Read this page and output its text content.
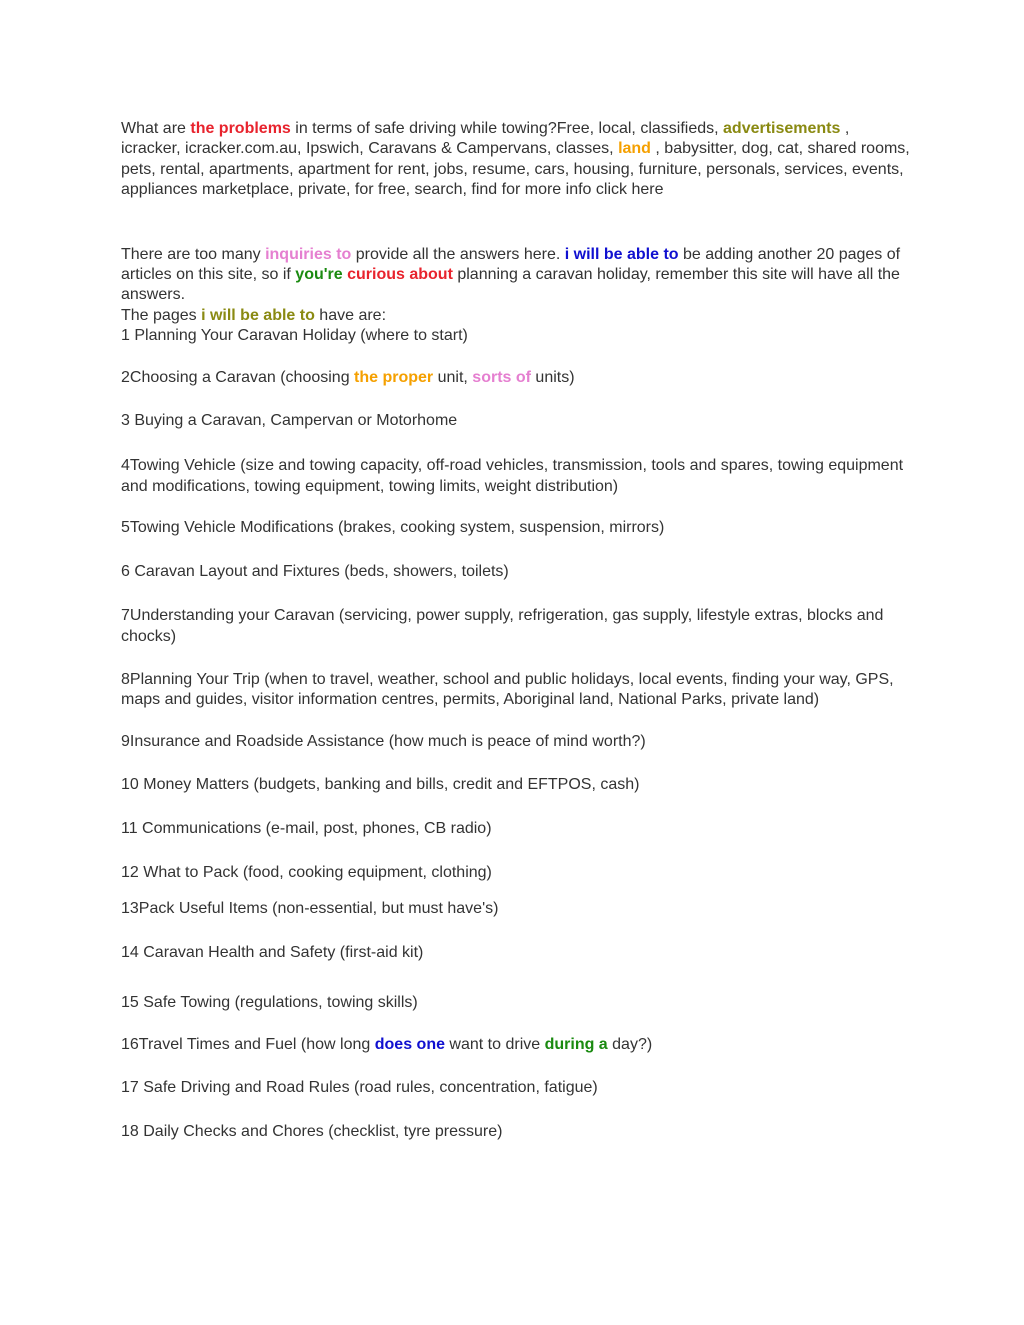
What are the problems in terms of safe driving while towing?Free, local, classifieds, advertisements , icracker, icracker.com.au, Ipswich, Caravans & Campervans, classes, land , babysitter, dog, cat, shared rooms, pets, rental, apartments, apartment for rent, jobs, resume, cars, housing, furniture, personals, services, events, appliances marketplace, private, for free, search, find for more info click here

There are too many inquiries to provide all the answers here. i will be able to be adding another 20 pages of articles on this site, so if you're curious about planning a caravan holiday, remember this site will have all the answers.
The pages i will be able to have are:

1 Planning Your Caravan Holiday (where to start)

2Choosing a Caravan (choosing the proper unit, sorts of units)

3 Buying a Caravan, Campervan or Motorhome

4Towing Vehicle (size and towing capacity, off-road vehicles, transmission, tools and spares, towing equipment and modifications, towing equipment, towing limits, weight distribution)

5Towing Vehicle Modifications (brakes, cooking system, suspension, mirrors)

6 Caravan Layout and Fixtures (beds, showers, toilets)

7Understanding your Caravan (servicing, power supply, refrigeration, gas supply, lifestyle extras, blocks and chocks)

8Planning Your Trip (when to travel, weather, school and public holidays, local events, finding your way, GPS, maps and guides, visitor information centres, permits, Aboriginal land, National Parks, private land)

9Insurance and Roadside Assistance (how much is peace of mind worth?)

10 Money Matters (budgets, banking and bills, credit and EFTPOS, cash)

11 Communications (e-mail, post, phones, CB radio)

12 What to Pack (food, cooking equipment, clothing)

13Pack Useful Items (non-essential, but must have's)

14 Caravan Health and Safety (first-aid kit)

15 Safe Towing (regulations, towing skills)

16Travel Times and Fuel (how long does one want to drive during a day?)

17 Safe Driving and Road Rules (road rules, concentration, fatigue)

18 Daily Checks and Chores (checklist, tyre pressure)
